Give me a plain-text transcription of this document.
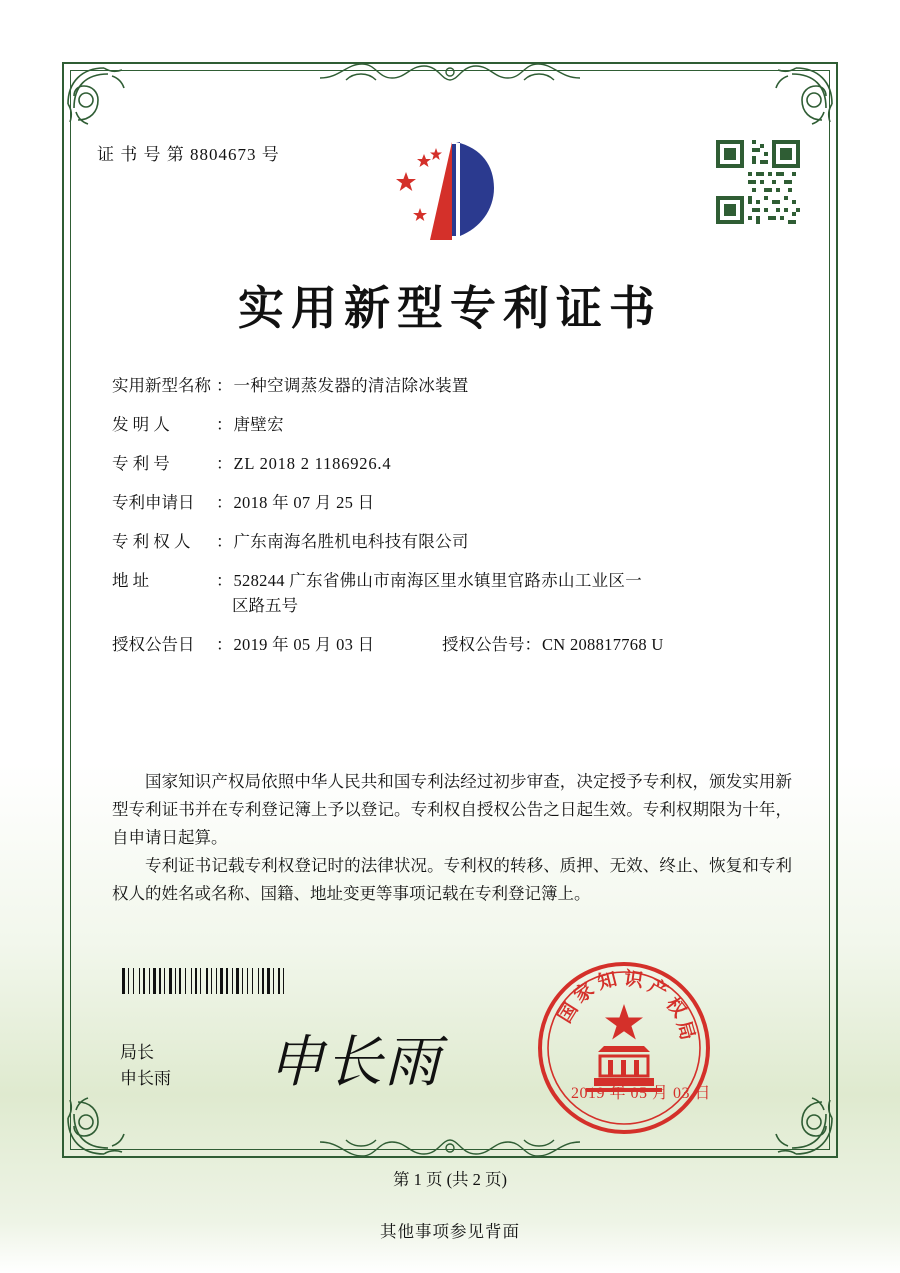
证 书 号 第 8804673 号
实用新型专利证书
实用新型名称 ： 一种空调蒸发器的清洁除冰装置
发 明 人	： 唐壁宏
专 利 号	： ZL 2018 2 1186926.4
专利申请日	： 2018 年 07 月 25 日
专 利 权 人	： 广东南海名胜机电科技有限公司
地 址	： 528244 广东省佛山市南海区里水镇里官路赤山工业区一
区路五号
授权公告日	： 2019 年 05 月 03 日	授权公告号 ： CN 208817768 U
国家知识产权局依照中华人民共和国专利法经过初步审查，决定授予专利权，颁发实用新型专利证书并在专利登记簿上予以登记。专利权自授权公告之日起生效。专利权期限为十年，自申请日起算。
专利证书记载专利权登记时的法律状况。专利权的转移、质押、无效、终止、恢复和专利权人的姓名或名称、国籍、地址变更等事项记载在专利登记簿上。
局长
申长雨 申长雨
国
家
知 识 产
权
局
2019 年 05 月 03 日
第 1 页 (共 2 页)
其他事项参见背面
